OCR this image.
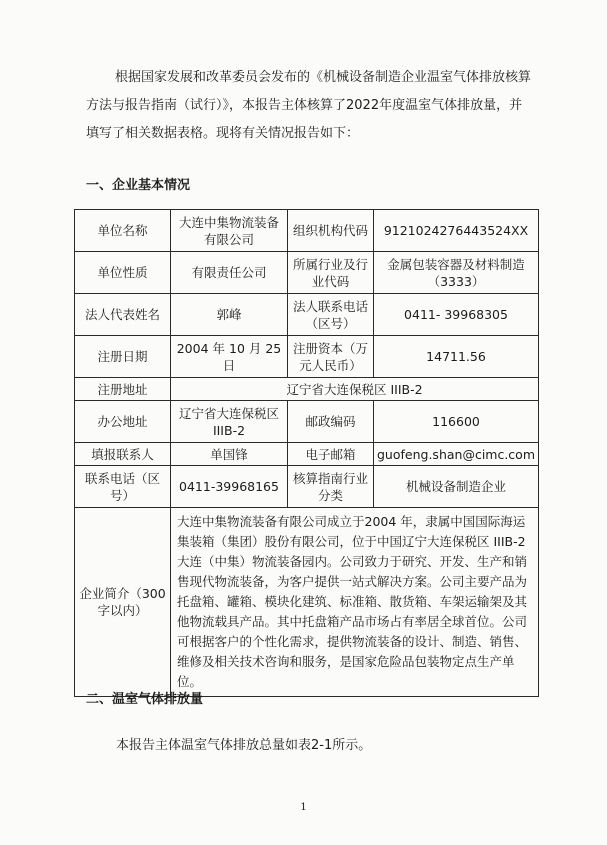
根据国家发展和改革委员会发布的《机械设备制造企业温室气体排放核算
方法与报告指南（试行）》，本报告主体核算了2022年度温室气体排放量，并
填写了相关数据表格。现将有关情况报告如下：
一、企业基本情况
单位名称	大连中集物流装备有限公司	组织机构代码	9121024276443524XX
单位性质	有限责任公司	所属行业及行业代码	金属包装容器及材料制造（3333）
法人代表姓名	郭峰	法人联系电话（区号）	0411- 39968305
注册日期	2004 年 10 月 25 日	注册资本（万元人民币）	14711.56
注册地址	辽宁省大连保税区 IIIB-2		
办公地址	辽宁省大连保税区IIIB-2	邮政编码	116600
填报联系人	单国锋	电子邮箱	guofeng.shan@cimc.com
联系电话（区号）	0411-39968165	核算指南行业分类	机械设备制造企业
企业简介（300 字以内）	大连中集物流装备有限公司成立于2004 年，隶属中国国际海运集装箱（集团）股份有限公司，位于中国辽宁大连保税区 IIIB-2 大连（中集）物流装备园内。公司致力于研究、开发、生产和销售现代物流装备，为客户提供一站式解决方案。公司主要产品为托盘箱、罐箱、模块化建筑、标准箱、散货箱、车架运输架及其他物流载具产品。其中托盘箱产品市场占有率居全球首位。公司可根据客户的个性化需求，提供物流装备的设计、制造、销售、维修及相关技术咨询和服务，是国家危险品包装物定点生产单位。		
二、温室气体排放量
本报告主体温室气体排放总量如表2-1所示。
1
